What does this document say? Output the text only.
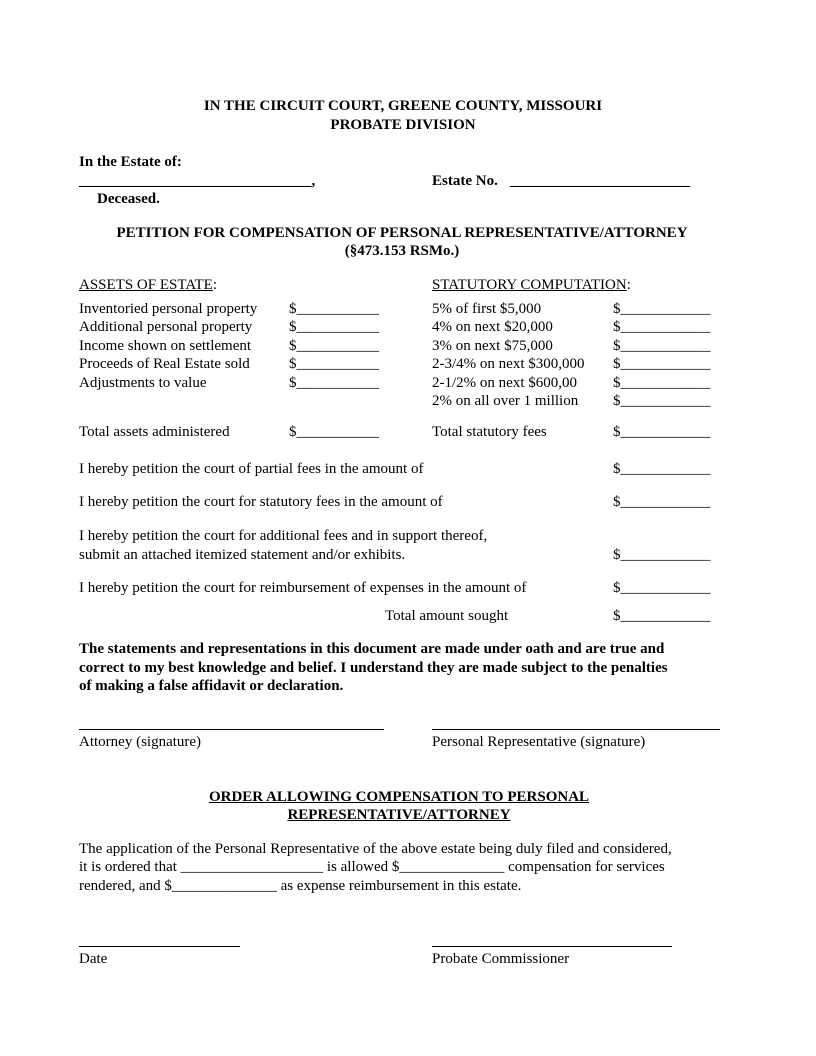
IN THE CIRCUIT COURT, GREENE COUNTY, MISSOURI
PROBATE DIVISION
In the Estate of:
_______________________________,	Estate No. ________________________
Deceased.
PETITION FOR COMPENSATION OF PERSONAL REPRESENTATIVE/ATTORNEY
(§473.153 RSMo.)
ASSETS OF ESTATE:
Inventoried personal property $___________
Additional personal property $___________
Income shown on settlement	$___________
Proceeds of Real Estate sold	$___________
Adjustments to value	$___________
Total assets administered	$___________
STATUTORY COMPUTATION:
5% of first $5,000	$____________
4% on next $20,000	$____________
3% on next $75,000	$____________
2-3/4% on next $300,000 $____________
2-1/2% on next $600,00 $____________
2% on all over 1 million $____________
Total statutory fees	$____________
I hereby petition the court of partial fees in the amount of	$____________
I hereby petition the court for statutory fees in the amount of	$____________
I hereby petition the court for additional fees and in support thereof,
submit an attached itemized statement and/or exhibits.	$____________
I hereby petition the court for reimbursement of expenses in the amount of	$____________
Total amount sought	$____________
The statements and representations in this document are made under oath and are true and
correct to my best knowledge and belief. I understand they are made subject to the penalties
of making a false affidavit or declaration.
Attorney (signature)	Personal Representative (signature)
ORDER ALLOWING COMPENSATION TO PERSONAL
REPRESENTATIVE/ATTORNEY
The application of the Personal Representative of the above estate being duly filed and considered,
it is ordered that ___________________ is allowed $______________ compensation for services
rendered, and $______________ as expense reimbursement in this estate.
Date	Probate Commissioner
